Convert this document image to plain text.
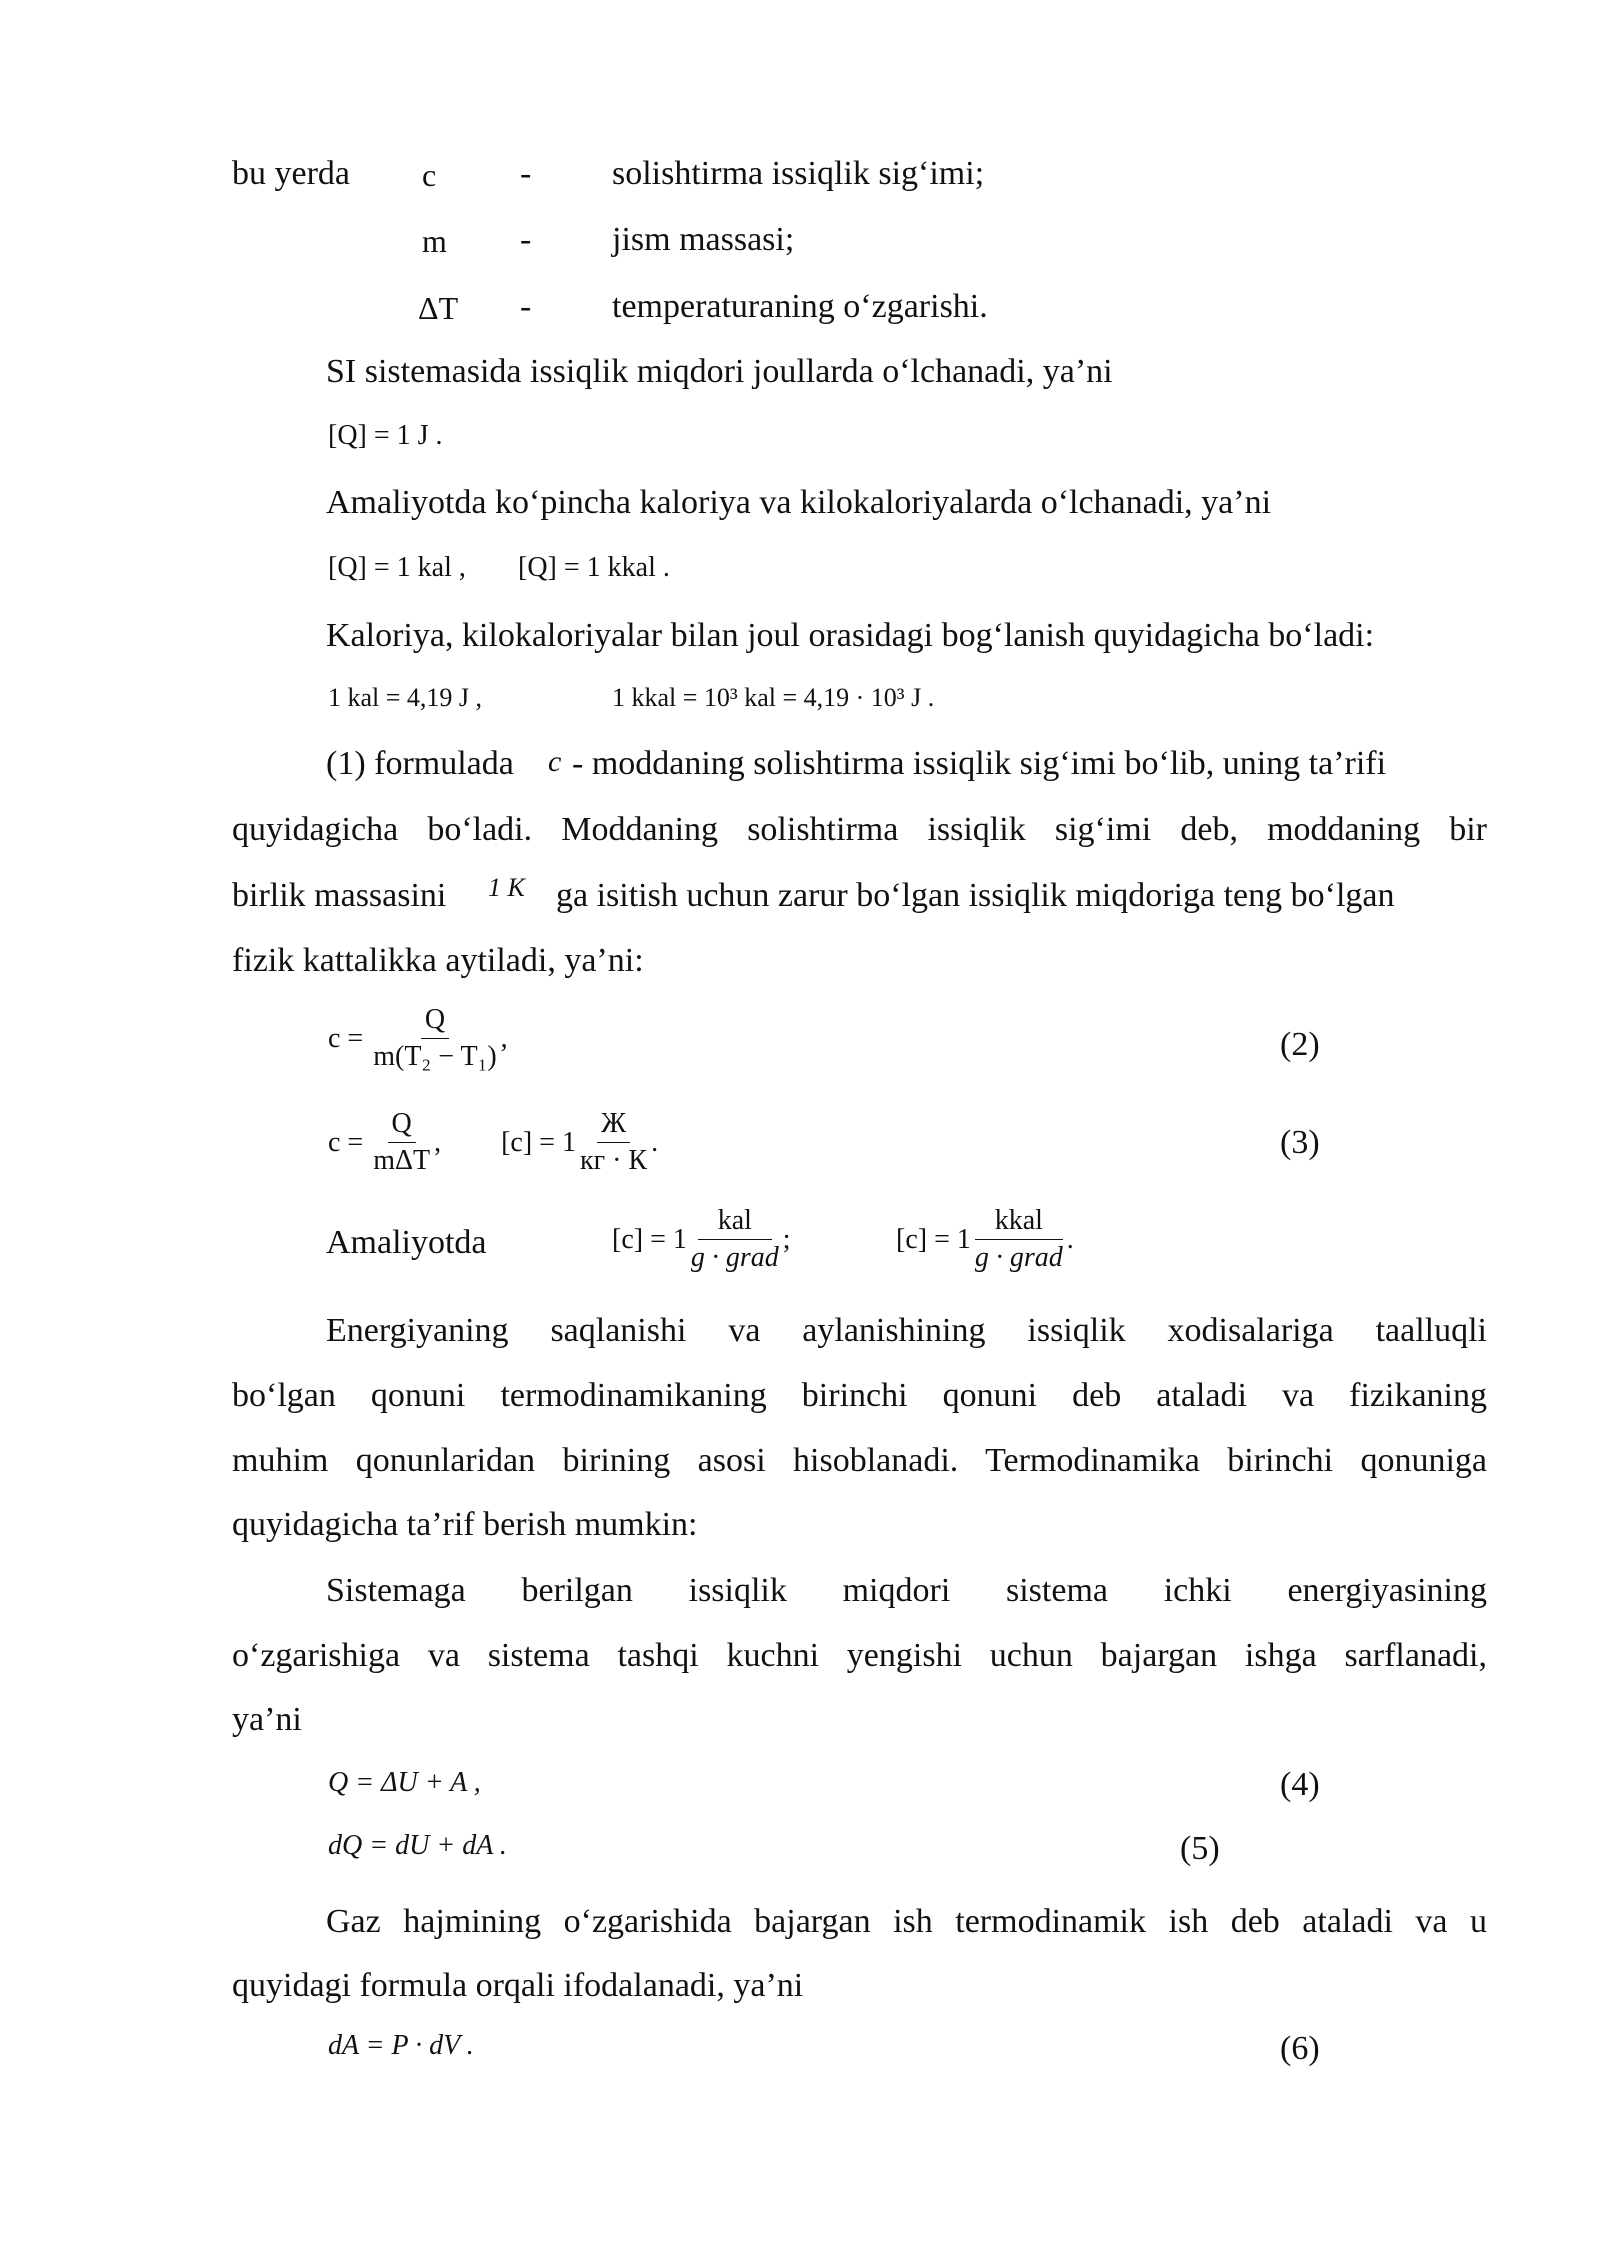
bu yerda c - solishtirma issiqlik sig‘imi;
m - jism massasi;
ΔT - temperaturaning o‘zgarishi.
SI sistemasida issiqlik miqdori joullarda o‘lchanadi, ya’ni
[Q] = 1 J .
Amaliyotda ko‘pincha kaloriya va kilokaloriyalarda o‘lchanadi, ya’ni
[Q] = 1 kal , [Q] = 1 kkal .
Kaloriya, kilokaloriyalar bilan joul orasidagi bog‘lanish quyidagicha bo‘ladi:
1 kal = 4,19 J ,	1 kkal = 10³ kal = 4,19 · 10³ J .
(1) formulada c - moddaning solishtirma issiqlik sig‘imi bo‘lib, uning ta’rifi
quyidagicha bo‘ladi. Moddaning solishtirma issiqlik sig‘imi deb, moddaning bir
birlik massasini 1 K ga isitish uchun zarur bo‘lgan issiqlik miqdoriga teng bo‘lgan
fizik kattalikka aytiladi, ya’ni:
$c = \frac{Q}{\text{m(T₂ − T₁)}}$ ,	(2)
$c = \frac{Q}{\text{mΔT}}$ , $[c] = 1 \frac{Ж}{кг \cdot К}$ .	(3)
Amaliyotda	$[c] = 1 \frac{\text{kal}}{\text{g · grad}}$ ;	$[c] = 1 \frac{\text{kkal}}{\text{g · grad}}$ .
Energiyaning saqlanishi va aylanishining issiqlik xodisalariga taalluqli
bo‘lgan qonuni termodinamikaning birinchi qonuni deb ataladi va fizikaning
muhim qonunlaridan birining asosi hisoblanadi. Termodinamika birinchi qonuniga
quyidagicha ta’rif berish mumkin:
Sistemaga berilgan issiqlik miqdori sistema ichki energiyasining
o‘zgarishiga va sistema tashqi kuchni yengishi uchun bajargan ishga sarflanadi,
ya’ni
Q = ΔU + A ,	(4)
dQ = dU + dA .	(5)
Gaz hajmining o‘zgarishida bajargan ish termodinamik ish deb ataladi va u
quyidagi formula orqali ifodalanadi, ya’ni
dA = P · dV .	(6)
